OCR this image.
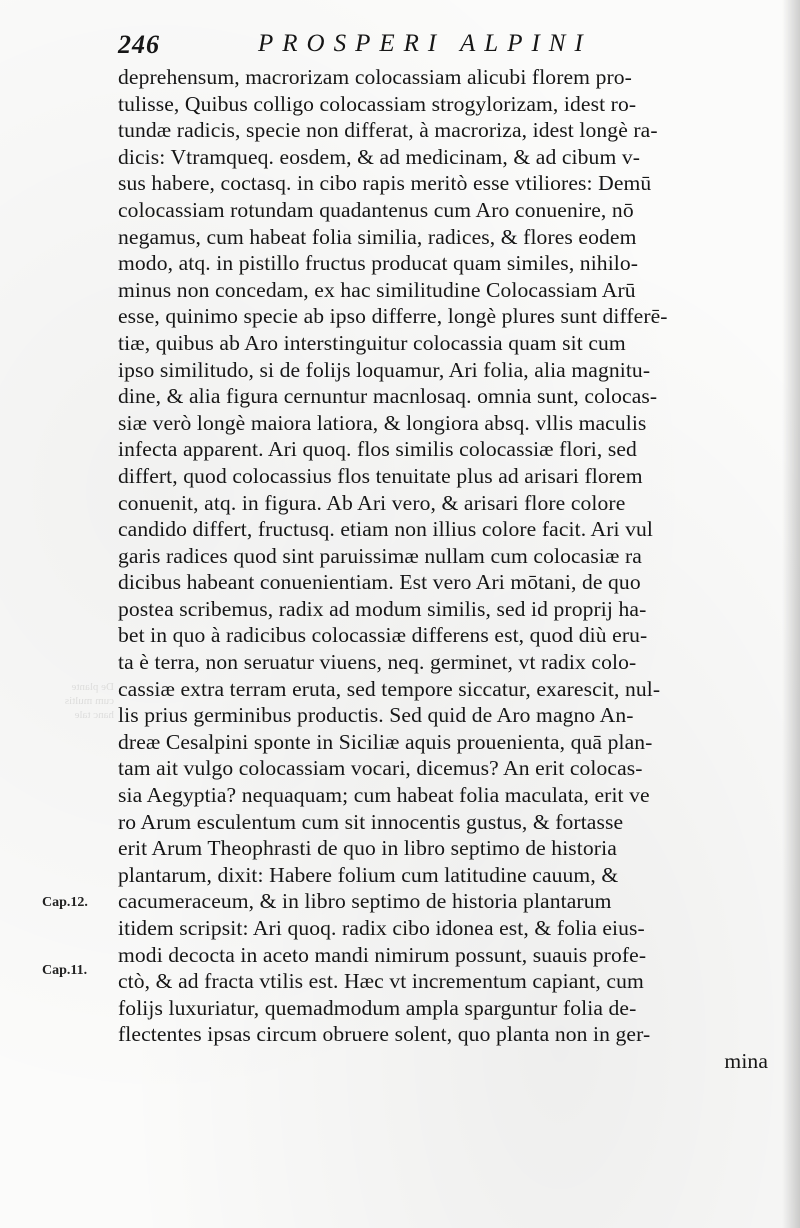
De plante
cum multis
hanc tale
246	PROSPERI ALPINI
Cap.12.
Cap.11.
deprehensum, macrorizam colocassiam alicubi florem pro-
tulisse, Quibus colligo colocassiam strogylorizam, idest ro-
tundæ radicis, specie non differat, à macroriza, idest longè ra-
dicis: Vtramqueq. eosdem, & ad medicinam, & ad cibum v-
sus habere, coctasq. in cibo rapis meritò esse vtiliores: Demū
colocassiam rotundam quadantenus cum Aro conuenire, nō
negamus, cum habeat folia similia, radices, & flores eodem
modo, atq. in pistillo fructus producat quam similes, nihilo-
minus non concedam, ex hac similitudine Colocassiam Arū
esse, quinimo specie ab ipso differre, longè plures sunt differē-
tiæ, quibus ab Aro interstinguitur colocassia quam sit cum
ipso similitudo, si de folijs loquamur, Ari folia, alia magnitu-
dine, & alia figura cernuntur macnlosaq. omnia sunt, colocas-
siæ verò longè maiora latiora, & longiora absq. vllis maculis
infecta apparent. Ari quoq. flos similis colocassiæ flori, sed
differt, quod colocassius flos tenuitate plus ad arisari florem
conuenit, atq. in figura. Ab Ari vero, & arisari flore colore
candido differt, fructusq. etiam non illius colore facit. Ari vul
garis radices quod sint paruissimæ nullam cum colocasiæ ra
dicibus habeant conuenientiam. Est vero Ari mōtani, de quo
postea scribemus, radix ad modum similis, sed id proprij ha-
bet in quo à radicibus colocassiæ differens est, quod diù eru-
ta è terra, non seruatur viuens, neq. germinet, vt radix colo-
cassiæ extra terram eruta, sed tempore siccatur, exarescit, nul-
lis prius germinibus productis. Sed quid de Aro magno An-
dreæ Cesalpini sponte in Siciliæ aquis prouenienta, quā plan-
tam ait vulgo colocassiam vocari, dicemus? An erit colocas-
sia Aegyptia? nequaquam; cum habeat folia maculata, erit ve
ro Arum esculentum cum sit innocentis gustus, & fortasse
erit Arum Theophrasti de quo in libro septimo de historia
plantarum, dixit: Habere folium cum latitudine cauum, &
cacumeraceum, & in libro septimo de historia plantarum
itidem scripsit: Ari quoq. radix cibo idonea est, & folia eius-
modi decocta in aceto mandi nimirum possunt, suauis profe-
ctò, & ad fracta vtilis est. Hæc vt incrementum capiant, cum
folijs luxuriatur, quemadmodum ampla sparguntur folia de-
flectentes ipsas circum obruere solent, quo planta non in ger-
mina
